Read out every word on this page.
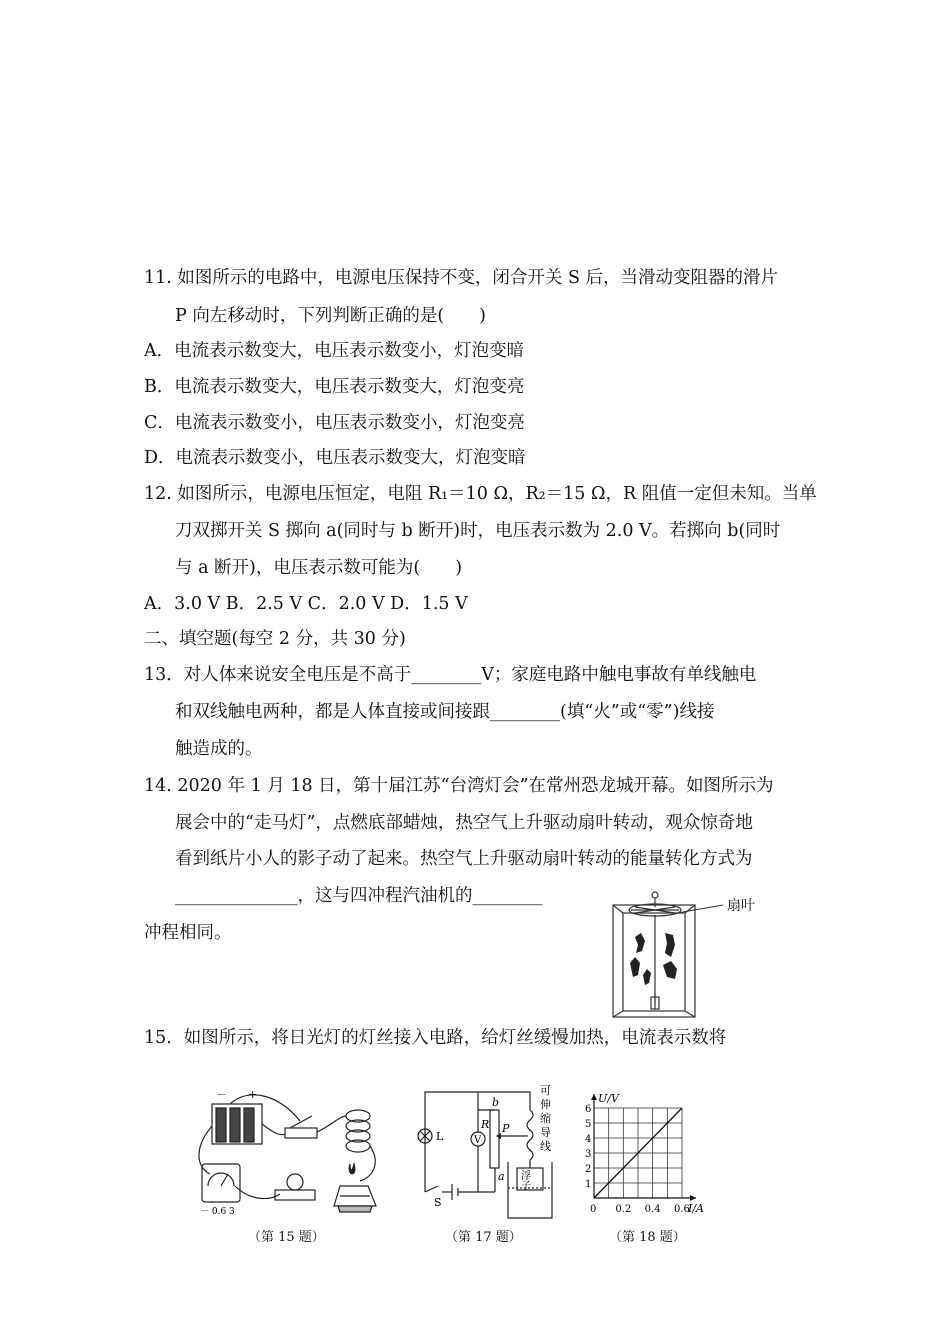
11. 如图所示的电路中，电源电压保持不变，闭合开关 S 后，当滑动变阻器的滑片
P 向左移动时，下列判断正确的是(　　)
A．电流表示数变大，电压表示数变小，灯泡变暗
B．电流表示数变大，电压表示数变大，灯泡变亮
C．电流表示数变小，电压表示数变小，灯泡变亮
D．电流表示数变小，电压表示数变大，灯泡变暗
12. 如图所示，电源电压恒定，电阻 R₁＝10 Ω，R₂＝15 Ω，R 阻值一定但未知。当单
刀双掷开关 S 掷向 a(同时与 b 断开)时，电压表示数为 2.0 V。若掷向 b(同时
与 a 断开)，电压表示数可能为(　　)
A．3.0 V B．2.5 V C．2.0 V D．1.5 V
二、填空题(每空 2 分，共 30 分)
13．对人体来说安全电压是不高于________V；家庭电路中触电事故有单线触电
和双线触电两种，都是人体直接或间接跟________(填“火”或“零”)线接
触造成的。
14. 2020 年 1 月 18 日，第十届江苏“台湾灯会”在常州恐龙城开幕。如图所示为
展会中的“走马灯”，点燃底部蜡烛，热空气上升驱动扇叶转动，观众惊奇地
看到纸片小人的影子动了起来。热空气上升驱动扇叶转动的能量转化方式为
______________，这与四冲程汽油机的________
冲程相同。
扇叶
15．如图所示，将日光灯的灯丝接入电路，给灯丝缓慢加热，电流表示数将
－ +
－ 0.6 3
（第 15 题）
L	V
R P
b
a
S
可
伸
缩
导
线
浮
子
（第 17 题）
1
2
3
4
5
6
0 0.2 0.4 0.6
U/V
I/A
（第 18 题）
